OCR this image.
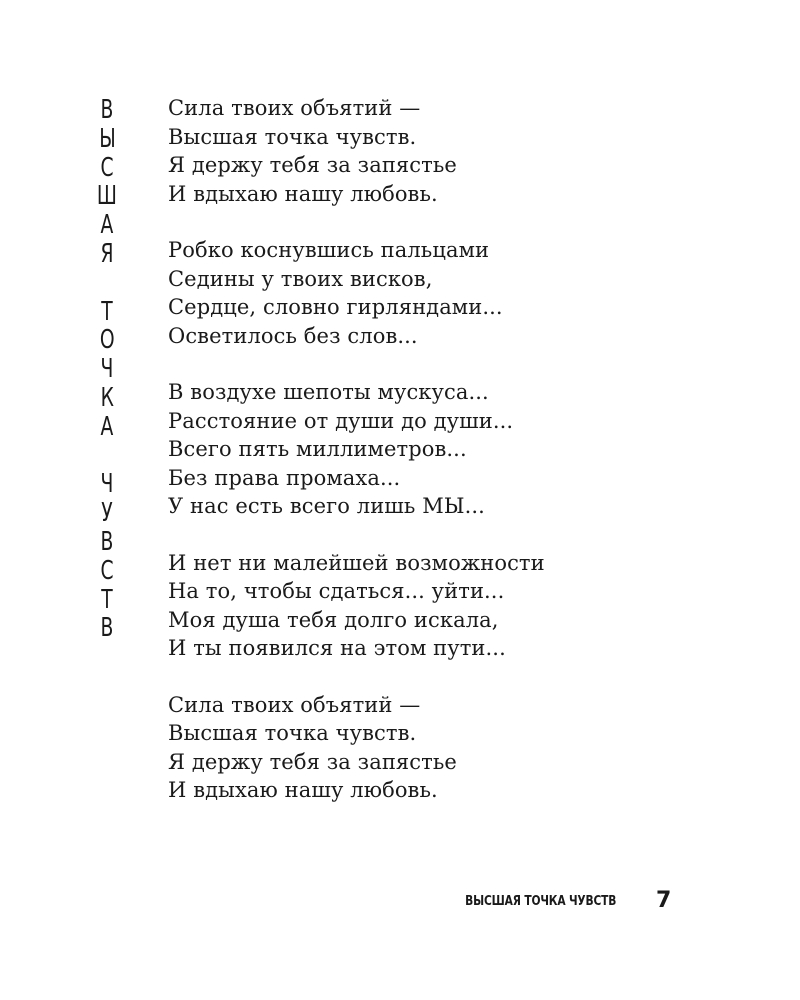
В
Ы
С
Ш
А
Я
Т
О
Ч
К
А
Ч
У
В
С
Т
В
Сила твоих объятий —
Высшая точка чувств.
Я держу тебя за запястье
И вдыхаю нашу любовь.
Робко коснувшись пальцами
Седины у твоих висков,
Сердце, словно гирляндами...
Осветилось без слов...
В воздухе шепоты мускуса...
Расстояние от души до души...
Всего пять миллиметров...
Без права промаха...
У нас есть всего лишь МЫ...
И нет ни малейшей возможности
На то, чтобы сдаться... уйти...
Моя душа тебя долго искала,
И ты появился на этом пути...
Сила твоих объятий —
Высшая точка чувств.
Я держу тебя за запястье
И вдыхаю нашу любовь.
ВЫСШАЯ ТОЧКА ЧУВСТВ 7
